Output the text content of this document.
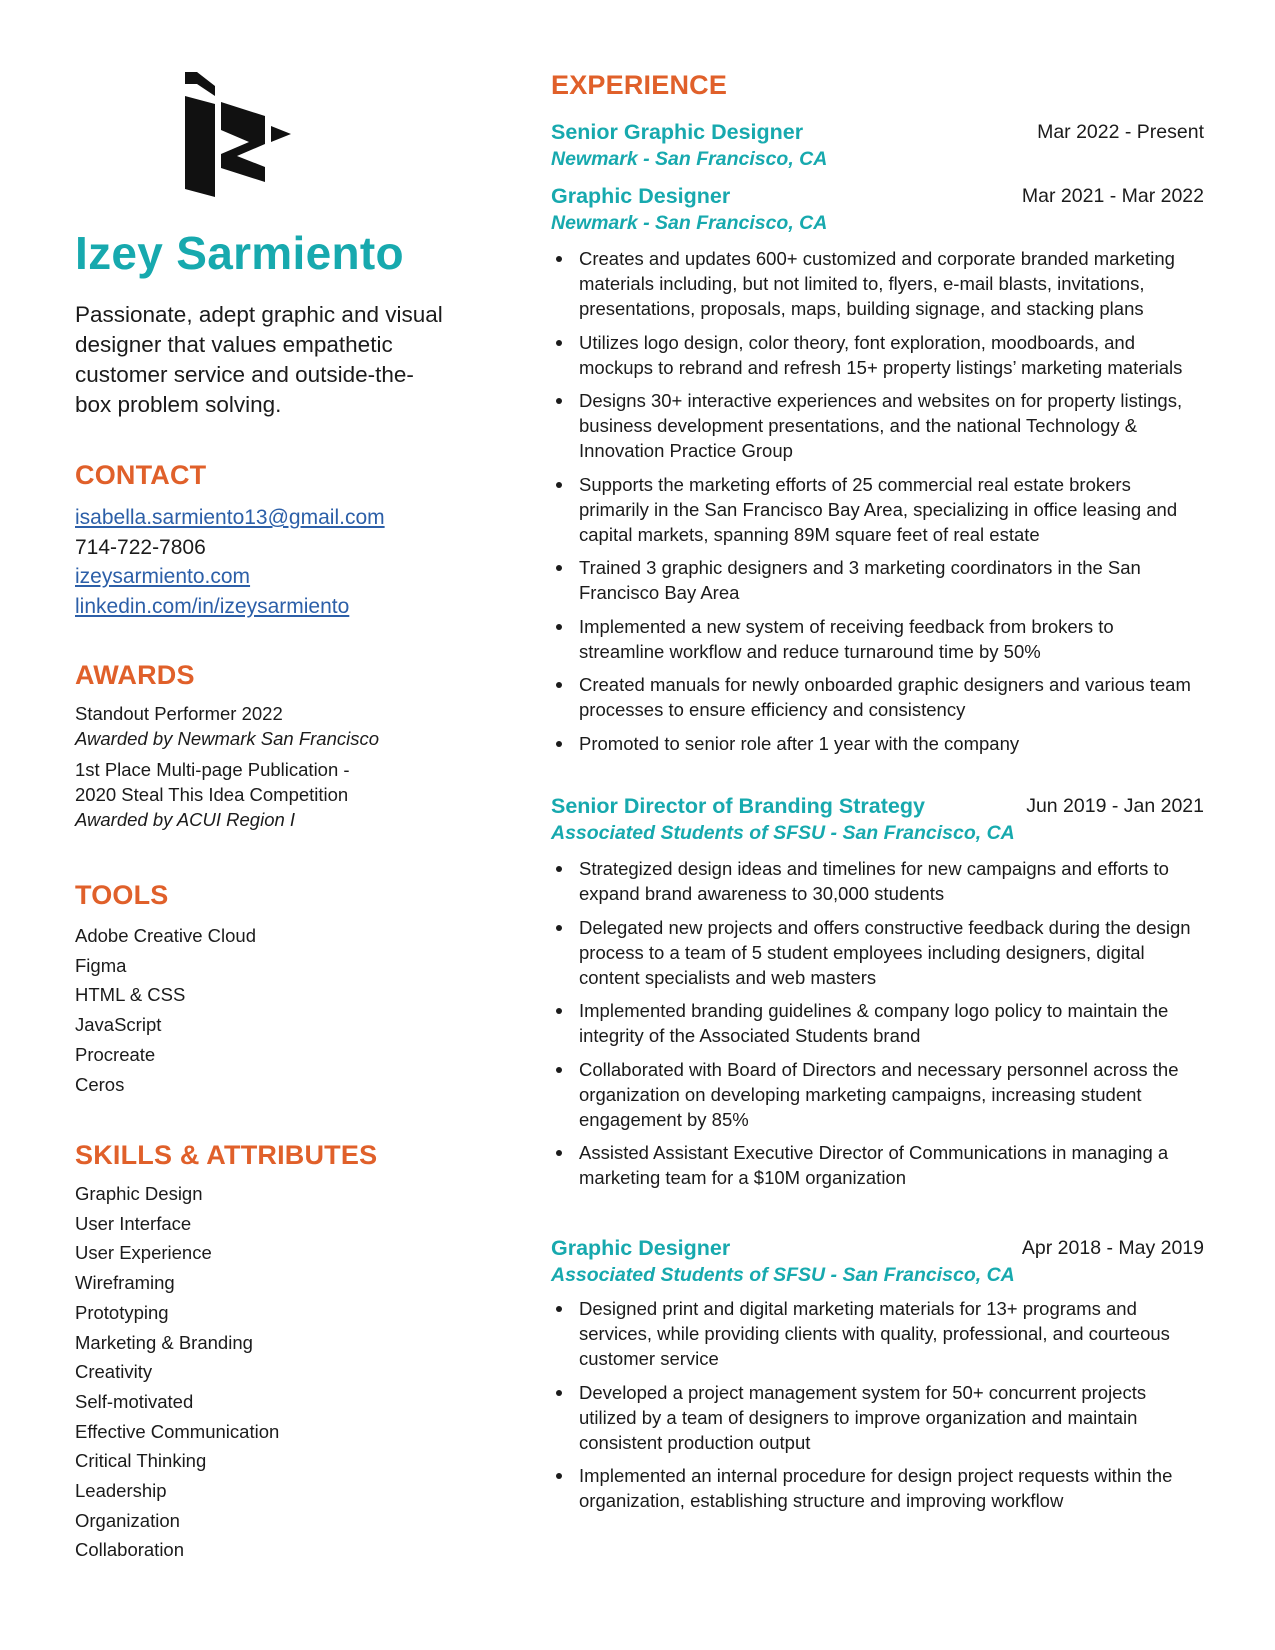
Izey Sarmiento

Passionate, adept graphic and visual designer that values empathetic customer service and outside-the-box problem solving.

CONTACT
isabella.sarmiento13@gmail.com
714-722-7806
izeysarmiento.com
linkedin.com/in/izeysarmiento
AWARDS
Standout Performer 2022
Awarded by Newmark San Francisco
1st Place Multi-page Publication - 2020 Steal This Idea Competition
Awarded by ACUI Region I
TOOLS
Adobe Creative Cloud
Figma
HTML & CSS
JavaScript
Procreate
Ceros
SKILLS & ATTRIBUTES
Graphic Design
User Interface
User Experience
Wireframing
Prototyping
Marketing & Branding
Creativity
Self-motivated
Effective Communication
Critical Thinking
Leadership
Organization
Collaboration
EXPERIENCE
Senior Graphic Designer
Newmark - San Francisco, CA
Mar 2022 - Present
Graphic Designer
Newmark - San Francisco, CA
Mar 2021 - Mar 2022
Creates and updates 600+ customized and corporate branded marketing materials including, but not limited to, flyers, e-mail blasts, invitations, presentations, proposals, maps, building signage, and stacking plans
Utilizes logo design, color theory, font exploration, moodboards, and mockups to rebrand and refresh 15+ property listings’ marketing materials
Designs 30+ interactive experiences and websites on for property listings, business development presentations, and the national Technology & Innovation Practice Group
Supports the marketing efforts of 25 commercial real estate brokers primarily in the San Francisco Bay Area, specializing in office leasing and capital markets, spanning 89M square feet of real estate
Trained 3 graphic designers and 3 marketing coordinators in the San Francisco Bay Area
Implemented a new system of receiving feedback from brokers to streamline workflow and reduce turnaround time by 50%
Created manuals for newly onboarded graphic designers and various team processes to ensure efficiency and consistency
Promoted to senior role after 1 year with the company
Senior Director of Branding Strategy
Associated Students of SFSU - San Francisco, CA
Jun 2019 - Jan 2021
Strategized design ideas and timelines for new campaigns and efforts to expand brand awareness to 30,000 students
Delegated new projects and offers constructive feedback during the design process to a team of 5 student employees including designers, digital content specialists and web masters
Implemented branding guidelines & company logo policy to maintain the integrity of the Associated Students brand
Collaborated with Board of Directors and necessary personnel across the organization on developing marketing campaigns, increasing student engagement by 85%
Assisted Assistant Executive Director of Communications in managing a marketing team for a $10M organization
Graphic Designer
Associated Students of SFSU - San Francisco, CA
Apr 2018 - May 2019
Designed print and digital marketing materials for 13+ programs and services, while providing clients with quality, professional, and courteous customer service
Developed a project management system for 50+ concurrent projects utilized by a team of designers to improve organization and maintain consistent production output
Implemented an internal procedure for design project requests within the organization, establishing structure and improving workflow
